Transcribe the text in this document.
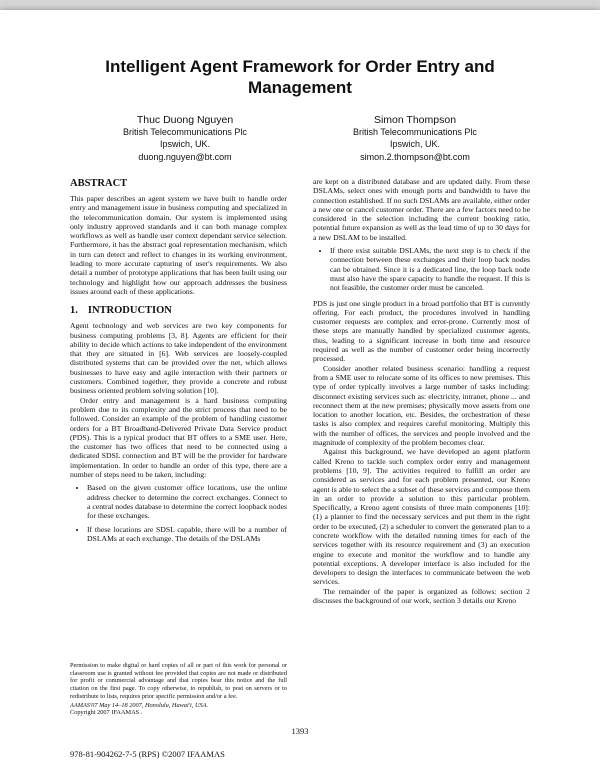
Intelligent Agent Framework for Order Entry and Management
Thuc Duong Nguyen
British Telecommunications Plc
Ipswich, UK.
duong.nguyen@bt.com
Simon Thompson
British Telecommunications Plc
Ipswich, UK.
simon.2.thompson@bt.com
ABSTRACT

This paper describes an agent system we have built to handle order entry and management issue in business computing and specialized in the telecommunication domain. Our system is implemented using only industry approved standards and it can both manage complex workflows as well as handle user context dependant service selection. Furthermore, it has the abstract goal representation mechanism, which in turn can detect and reflect to changes in its working environment, leading to more accurate capturing of user's requirements. We also detail a number of prototype applications that has been built using our technology and highlight how our approach addresses the business issues around each of these applications.

1. INTRODUCTION

Agent technology and web services are two key components for business computing problems [3, 8]. Agents are efficient for their ability to decide which actions to take independent of the environment that they are situated in [6]. Web services are loosely-coupled distributed systems that can be provided over the net, which allows businesses to have easy and agile interaction with their partners or customers. Combined together, they provide a concrete and robust business oriented problem solving solution [10].

Order entry and management is a hard business computing problem due to its complexity and the strict process that need to be followed. Consider an example of the problem of handling customer orders for a BT Broadband-Delivered Private Data Service product (PDS). This is a typical product that BT offers to a SME user. Here, the customer has two offices that need to be connected using a dedicated SDSL connection and BT will be the provider for hardware implementation. In order to handle an order of this type, there are a number of steps need to be taken, including:

• Based on the given customer office locations, use the online address checker to determine the correct exchanges. Connect to a central nodes database to determine the correct loopback nodes for these exchanges.
• If these locations are SDSL capable, there will be a number of DSLAMs at each exchange. The details of the DSLAMs

Permission to make digital or hard copies of all or part of this work for personal or classroom use is granted without fee provided that copies are not made or distributed for profit or commercial advantage and that copies bear this notice and the full citation on the first page. To copy otherwise, to republish, to post on servers or to redistribute to lists, requires prior specific permission and/or a fee.

AAMAS'07 May 14–18 2007, Honolulu, Hawai'i, USA.

Copyright 2007 IFAAMAS .

are kept on a distributed database and are updated daily. From these DSLAMs, select ones with enough ports and bandwidth to have the connection established. If no such DSLAMs are available, either order a new one or cancel customer order. There are a few factors need to be considered in the selection including the current booking ratio, potential future expansion as well as the lead time of up to 30 days for a new DSLAM to be installed.

• If there exist suitable DSLAMs, the next step is to check if the connection between these exchanges and their loop back nodes can be obtained. Since it is a dedicated line, the loop back node must also have the spare capacity to handle the request. If this is not feasible, the customer order must be canceled.

PDS is just one single product in a broad portfolio that BT is currently offering. For each product, the procedures involved in handling customer requests are complex and error-prone. Currently most of these steps are manually handled by specialized customer agents, thus, leading to a significant increase in both time and resource required as well as the number of customer order being incorrectly processed.

Consider another related business scenario: handling a request from a SME user to relocate some of its offices to new premises. This type of order typically involves a large number of tasks including: disconnect existing services such as: electricity, intranet, phone ... and reconnect them at the new premises; physically move assets from one location to another location, etc. Besides, the orchestration of these tasks is also complex and requires careful monitoring. Multiply this with the number of offices, the services and people involved and the magnitude of complexity of the problem becomes clear.

Against this background, we have developed an agent platform called Kreno to tackle such complex order entry and management problems [10, 9]. The activities required to fulfill an order are considered as services and for each problem presented, our Kreno agent is able to select the a subset of these services and compose them in an order to provide a solution to this particular problem. Specifically, a Kreno agent consists of three main components [10]: (1) a planner to find the necessary services and put them in the right order to be executed, (2) a scheduler to convert the generated plan to a concrete workflow with the detailed running times for each of the services together with its resource requirement and (3) an execution engine to execute and monitor the workflow and to handle any potential exceptions. A developer interface is also included for the developers to design the interfaces to communicate between the web services.

The remainder of the paper is organized as follows: section 2 discusses the background of our work, section 3 details our Kreno

1393
978-81-904262-7-5 (RPS) ©2007 IFAAMAS
